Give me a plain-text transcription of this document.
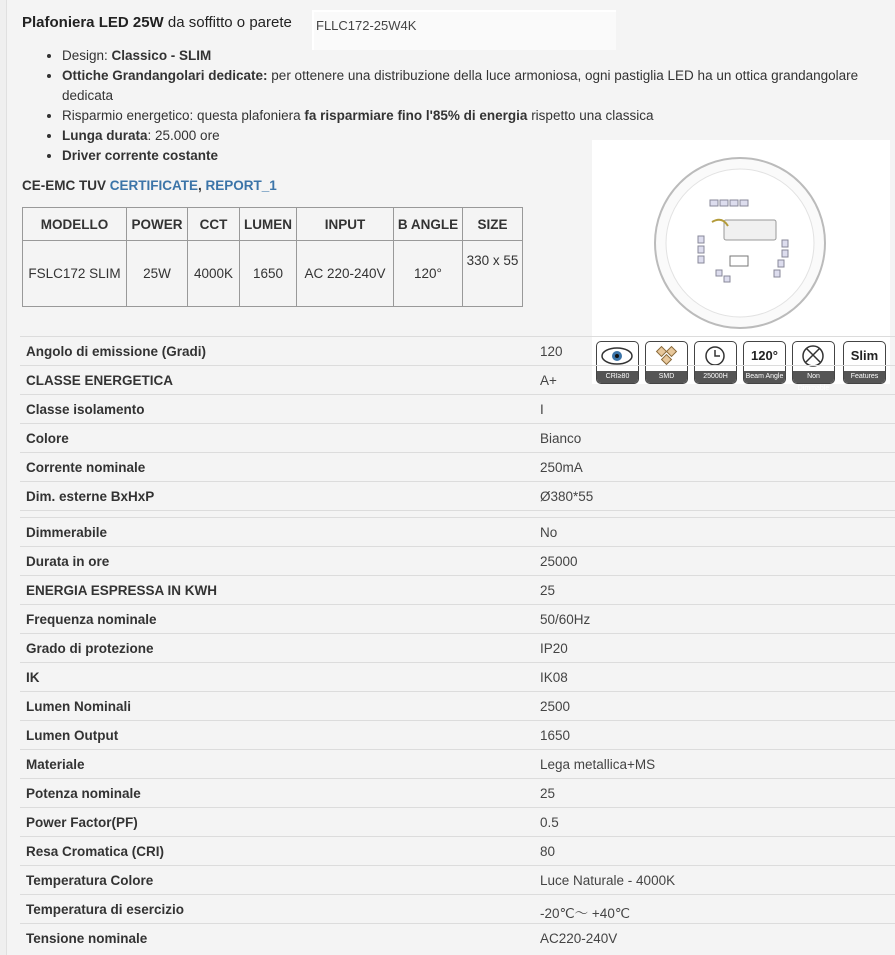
Plafoniera LED 25W da soffitto o parete FLLC172-25W4K
• Design: Classico - SLIM
• Ottiche Grandangolari dedicate: per ottenere una distribuzione della luce armoniosa, ogni pastiglia LED ha un ottica grandangolare dedicata
• Risparmio energetico: questa plafoniera fa risparmiare fino l'85% di energia rispetto una classica
• Lunga durata: 25.000 ore
• Driver corrente costante
CE-EMC TUV CERTIFICATE, REPORT_1
MODELLO	POWER	CCT	LUMEN	INPUT	B ANGLE	SIZE
FSLC172 SLIM	25W	4000K	1650	AC 220-240V	120°	330 x 55
CRI≥80	SMD	25000H
120°
Beam Angle	Non Dimmable
Slim
Features
Angolo di emissione (Gradi)	120
CLASSE ENERGETICA	A+
Classe isolamento	I
Colore	Bianco
Corrente nominale	250mA
Dim. esterne BxHxP	Ø380*55
Dimmerabile	No
Durata in ore	25000
ENERGIA ESPRESSA IN KWH	25
Frequenza nominale	50/60Hz
Grado di protezione	IP20
IK	IK08
Lumen Nominali	2500
Lumen Output	1650
Materiale	Lega metallica+MS
Potenza nominale	25
Power Factor(PF)	0.5
Resa Cromatica (CRI)	80
Temperatura Colore	Luce Naturale - 4000K
Temperatura di esercizio	-20℃～ +40℃
Tensione nominale	AC220-240V
